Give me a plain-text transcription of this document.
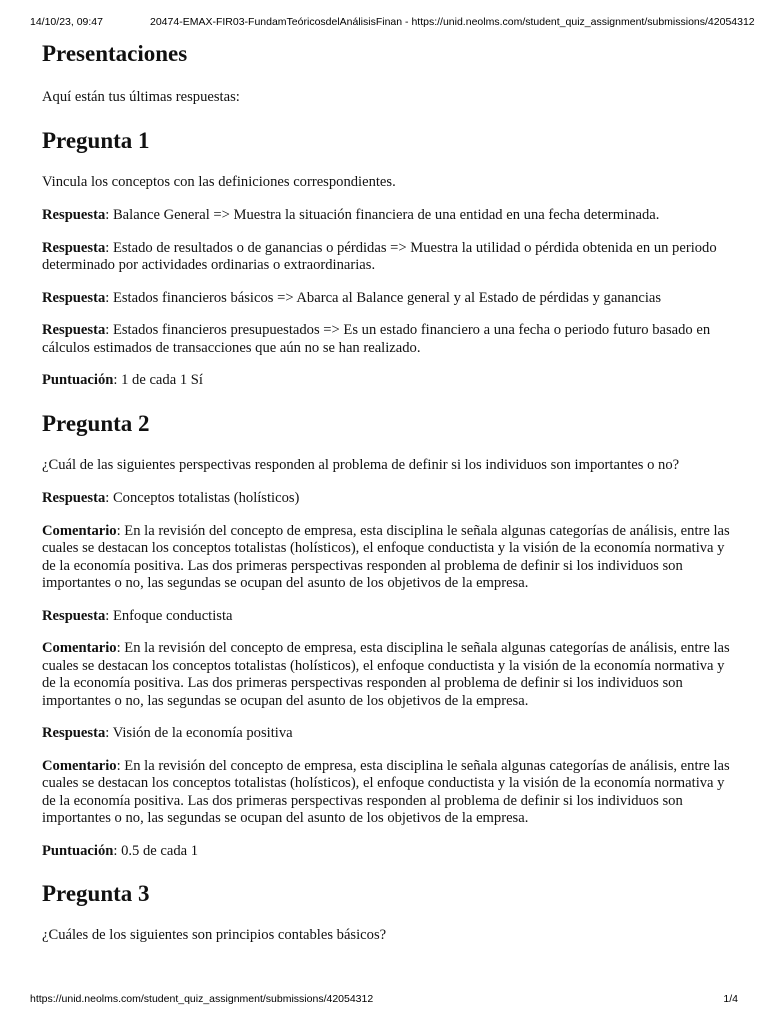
14/10/23, 09:47	20474-EMAX-FIR03-FundamTeóricosdelAnálisisFinan - https://unid.neolms.com/student_quiz_assignment/submissions/42054312
Presentaciones

Aquí están tus últimas respuestas:

Pregunta 1

Vincula los conceptos con las definiciones correspondientes.

Respuesta: Balance General => Muestra la situación financiera de una entidad en una fecha determinada.

Respuesta: Estado de resultados o de ganancias o pérdidas => Muestra la utilidad o pérdida obtenida en un periodo determinado por actividades ordinarias o extraordinarias.

Respuesta: Estados financieros básicos => Abarca al Balance general y al Estado de pérdidas y ganancias

Respuesta: Estados financieros presupuestados => Es un estado financiero a una fecha o periodo futuro basado en cálculos estimados de transacciones que aún no se han realizado.

Puntuación: 1 de cada 1 Sí

Pregunta 2

¿Cuál de las siguientes perspectivas responden al problema de definir si los individuos son importantes o no?

Respuesta: Conceptos totalistas (holísticos)

Comentario: En la revisión del concepto de empresa, esta disciplina le señala algunas categorías de análisis, entre las cuales se destacan los conceptos totalistas (holísticos), el enfoque conductista y la visión de la economía normativa y de la economía positiva. Las dos primeras perspectivas responden al problema de definir si los individuos son importantes o no, las segundas se ocupan del asunto de los objetivos de la empresa.

Respuesta: Enfoque conductista

Comentario: En la revisión del concepto de empresa, esta disciplina le señala algunas categorías de análisis, entre las cuales se destacan los conceptos totalistas (holísticos), el enfoque conductista y la visión de la economía normativa y de la economía positiva. Las dos primeras perspectivas responden al problema de definir si los individuos son importantes o no, las segundas se ocupan del asunto de los objetivos de la empresa.

Respuesta: Visión de la economía positiva

Comentario: En la revisión del concepto de empresa, esta disciplina le señala algunas categorías de análisis, entre las cuales se destacan los conceptos totalistas (holísticos), el enfoque conductista y la visión de la economía normativa y de la economía positiva. Las dos primeras perspectivas responden al problema de definir si los individuos son importantes o no, las segundas se ocupan del asunto de los objetivos de la empresa.

Puntuación: 0.5 de cada 1

Pregunta 3

¿Cuáles de los siguientes son principios contables básicos?

https://unid.neolms.com/student_quiz_assignment/submissions/42054312	1/4
